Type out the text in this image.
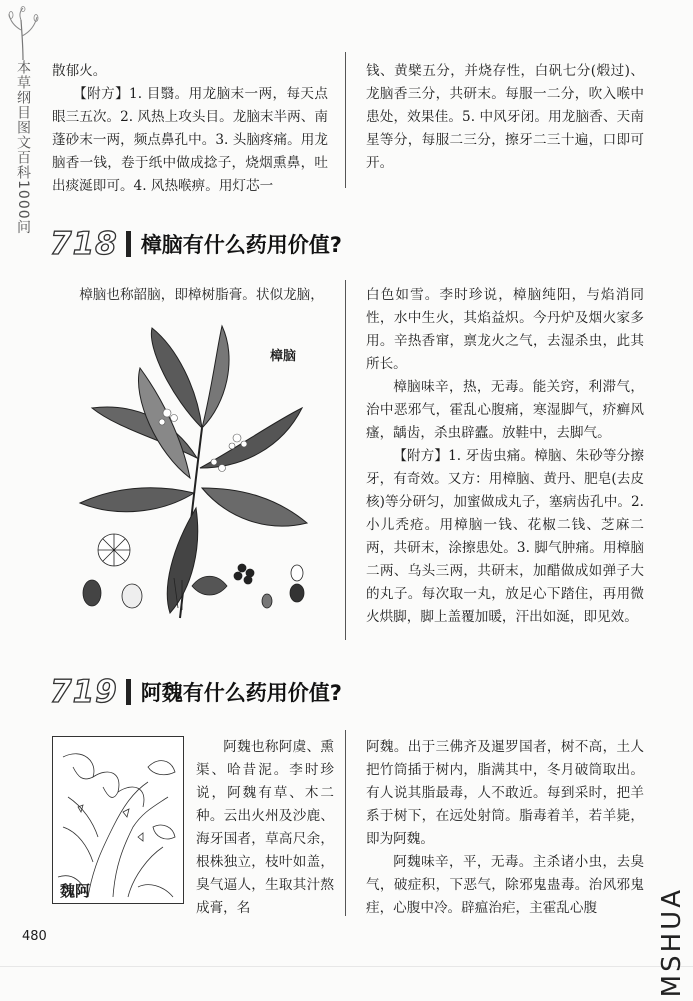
本草纲目图文百科1000问 散郁火。
　　【附方】1. 目翳。用龙脑末一两，每天点眼三五次。2. 风热上攻头目。龙脑末半两、南蓬砂末一两，频点鼻孔中。3. 头脑疼痛。用龙脑香一钱，卷于纸中做成捻子，烧烟熏鼻，吐出痰涎即可。4. 风热喉痹。用灯芯一
钱、黄檗五分，并烧存性，白矾七分(煅过)、龙脑香三分，共研末。每服一二分，吹入喉中患处，效果佳。5. 中风牙闭。用龙脑香、天南星等分，每服二三分，擦牙二三十遍，口即可开。
718 樟脑有什么药用价值?
樟脑也称韶脑，即樟树脂膏。状似龙脑，
樟脑

白色如雪。李时珍说，樟脑纯阳，与焰消同性，水中生火，其焰益炽。今丹炉及烟火家多用。辛热香窜，禀龙火之气，去湿杀虫，此其所长。

樟脑味辛，热，无毒。能关窍，利滞气，治中恶邪气，霍乱心腹痛，寒湿脚气，疥癣风瘙，龋齿，杀虫辟蠹。放鞋中，去脚气。

【附方】1. 牙齿虫痛。樟脑、朱砂等分擦牙，有奇效。又方：用樟脑、黄丹、肥皂(去皮核)等分研匀，加蜜做成丸子，塞病齿孔中。2. 小儿秃疮。用樟脑一钱、花椒二钱、芝麻二两，共研末，涂擦患处。3. 脚气肿痛。用樟脑二两、乌头三两，共研末，加醋做成如弹子大的丸子。每次取一丸，放足心下踏住，再用微火烘脚，脚上盖覆加暖，汗出如涎，即见效。

719 阿魏有什么药用价值?
魏阿
阿魏也称阿虞、熏渠、哈昔泥。李时珍说，阿魏有草、木二种。云出火州及沙鹿、海牙国者，草高尺余，根株独立，枝叶如盖，臭气逼人，生取其汁熬成膏，名

阿魏。出于三佛齐及暹罗国者，树不高，土人把竹筒插于树内，脂满其中，冬月破筒取出。有人说其脂最毒，人不敢近。每到采时，把羊系于树下，在远处射筒。脂毒着羊，若羊毙，即为阿魏。

阿魏味辛，平，无毒。主杀诸小虫，去臭气，破症积，下恶气，除邪鬼蛊毒。治风邪鬼疰，心腹中冷。辟瘟治疟，主霍乱心腹

480	MSHUA
